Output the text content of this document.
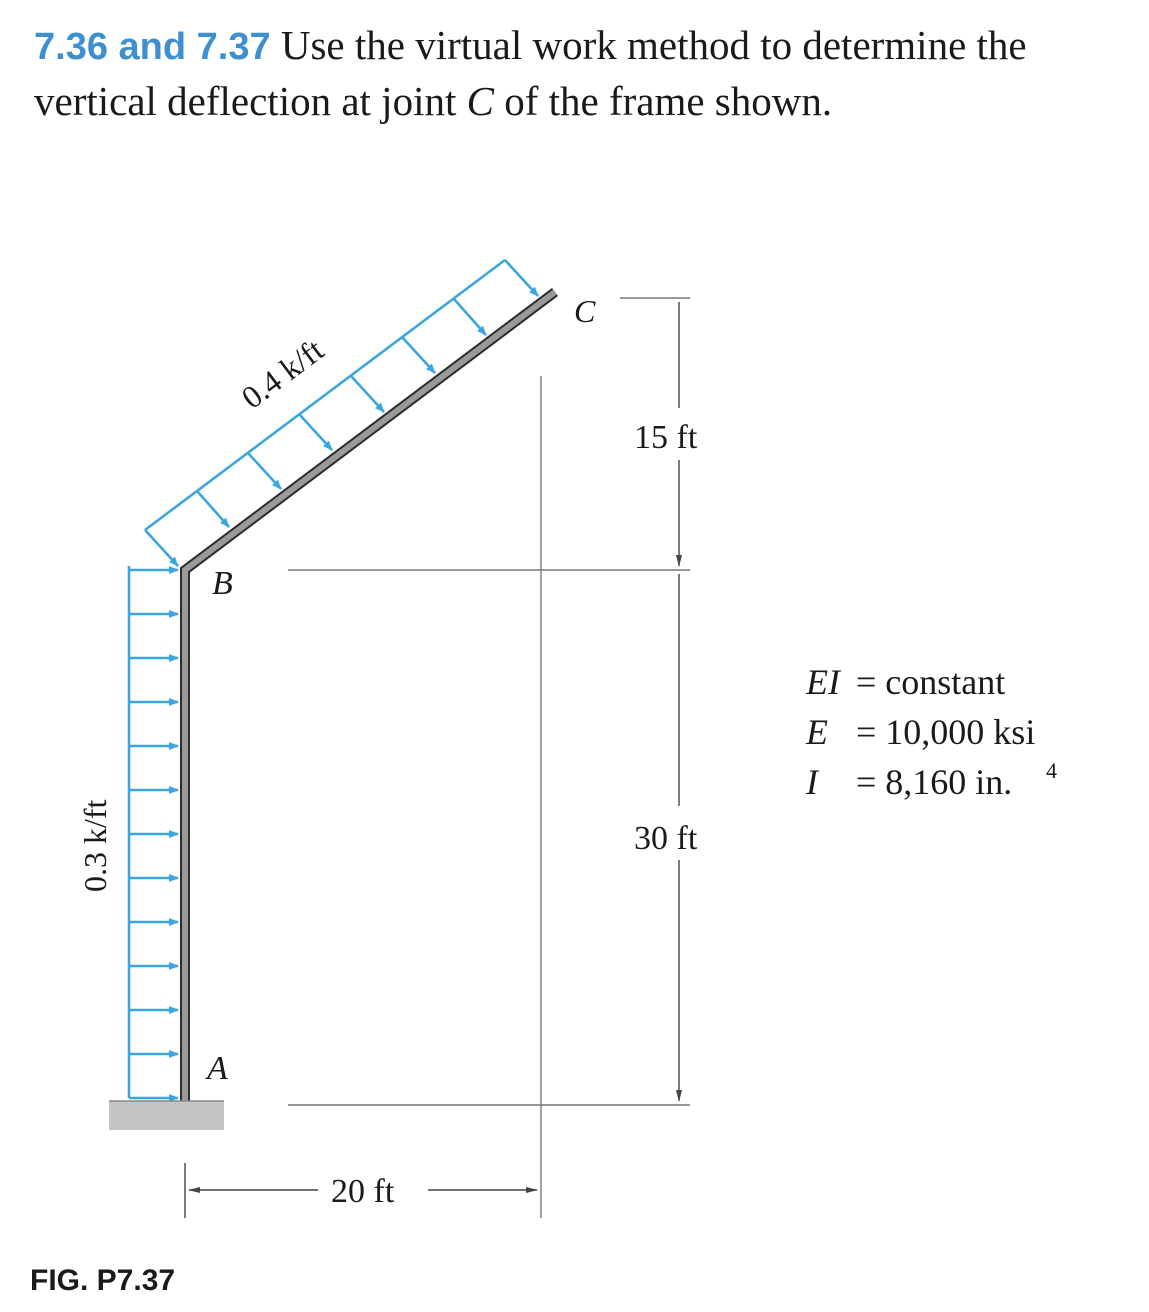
7.36 and 7.37 Use the virtual work method to determine the vertical deflection at joint C of the frame shown.
C
B
A
0.4 k/ft
0.3 k/ft
15 ft
30 ft
20 ft
EI = constant
E = 10,000 ksi
I = 8,160 in. 4
FIG. P7.37
